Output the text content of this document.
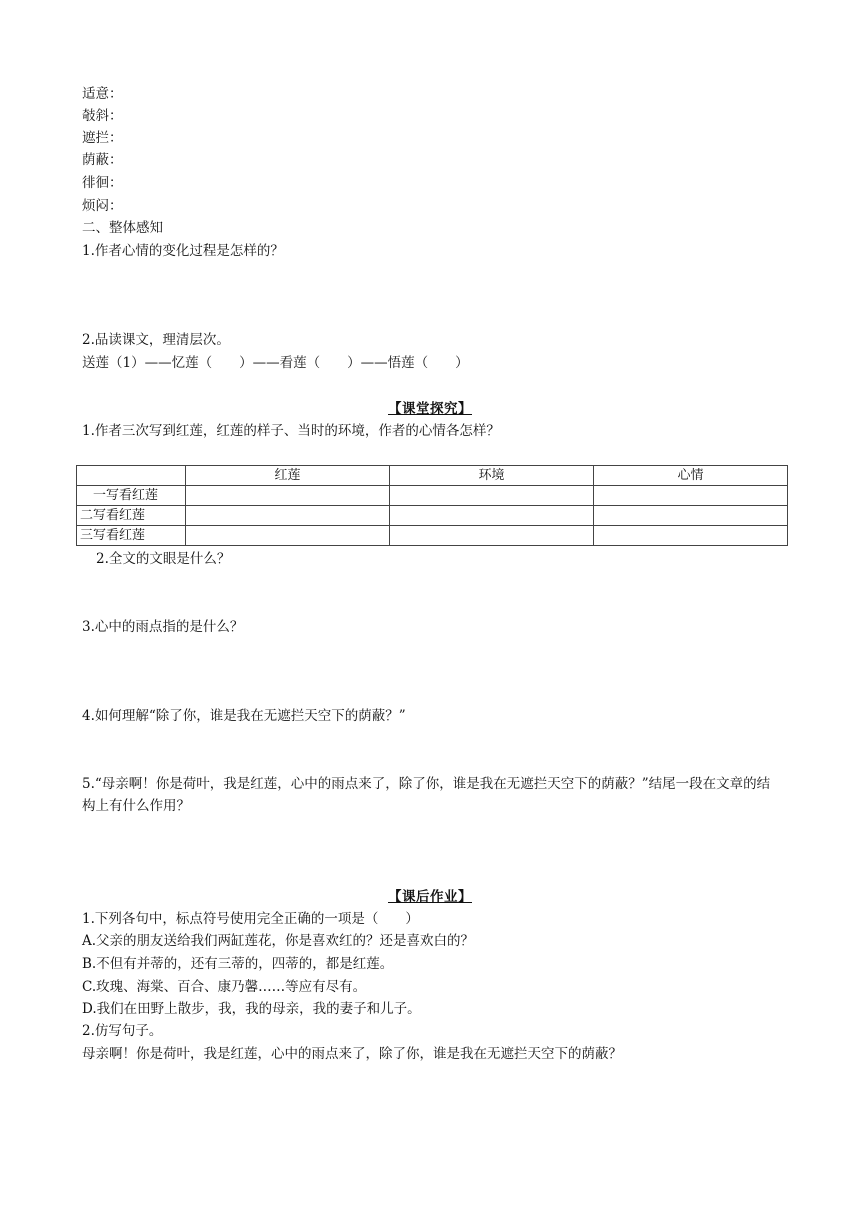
适意：
攲斜：
遮拦：
荫蔽：
徘徊：
烦闷：
二、整体感知
1.作者心情的变化过程是怎样的？
2.品读课文，理清层次。
送莲（1）——忆莲（　　）——看莲（　　）——悟莲（　　）
【课堂探究】
1.作者三次写到红莲，红莲的样子、当时的环境，作者的心情各怎样？
	红莲	环境	心情
　一写看红莲			
二写看红莲			
三写看红莲			
2.全文的文眼是什么？
3.心中的雨点指的是什么？
4.如何理解“除了你，谁是我在无遮拦天空下的荫蔽？”
5.“母亲啊！你是荷叶，我是红莲，心中的雨点来了，除了你，谁是我在无遮拦天空下的荫蔽？”结尾一段在文章的结构上有什么作用？
【课后作业】
1.下列各句中，标点符号使用完全正确的一项是（　　）
A.父亲的朋友送给我们两缸莲花，你是喜欢红的？还是喜欢白的？
B.不但有并蒂的，还有三蒂的，四蒂的，都是红莲。
C.玫瑰、海棠、百合、康乃馨……等应有尽有。
D.我们在田野上散步，我，我的母亲，我的妻子和儿子。
2.仿写句子。
母亲啊！你是荷叶，我是红莲，心中的雨点来了，除了你，谁是我在无遮拦天空下的荫蔽？
